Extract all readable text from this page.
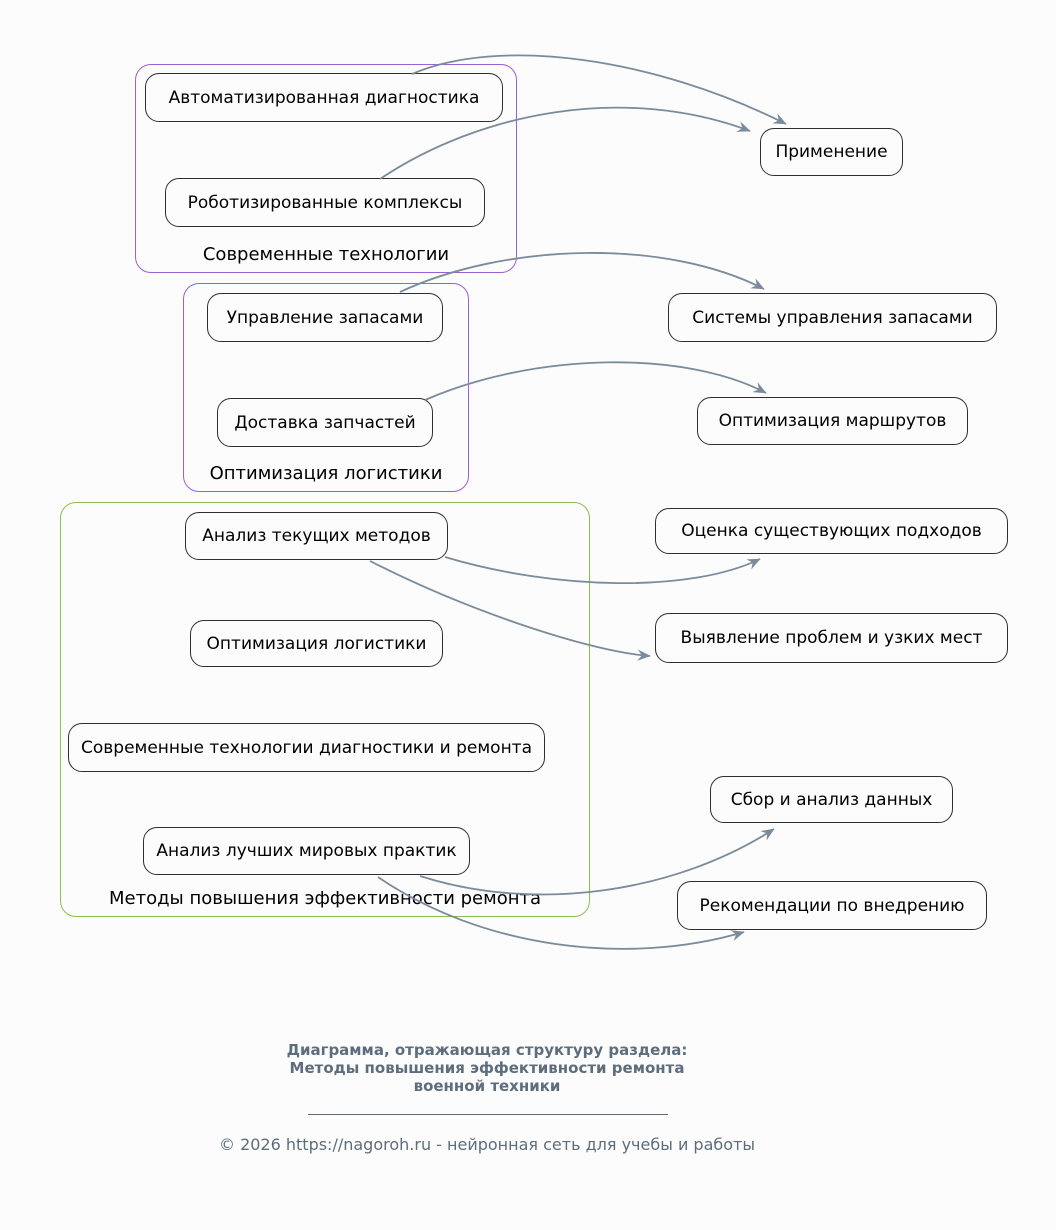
Современные технологии
Оптимизация логистики
Методы повышения эффективности ремонта
Автоматизированная диагностика
Роботизированные комплексы
Управление запасами
Доставка запчастей
Анализ текущих методов
Оптимизация логистики
Современные технологии диагностики и ремонта
Анализ лучших мировых практик
Применение
Системы управления запасами
Оптимизация маршрутов
Оценка существующих подходов
Выявление проблем и узких мест
Сбор и анализ данных
Рекомендации по внедрению
Диаграмма, отражающая структуру раздела:
Методы повышения эффективности ремонта
военной техники
© 2026 https://nagoroh.ru - нейронная сеть для учебы и работы
